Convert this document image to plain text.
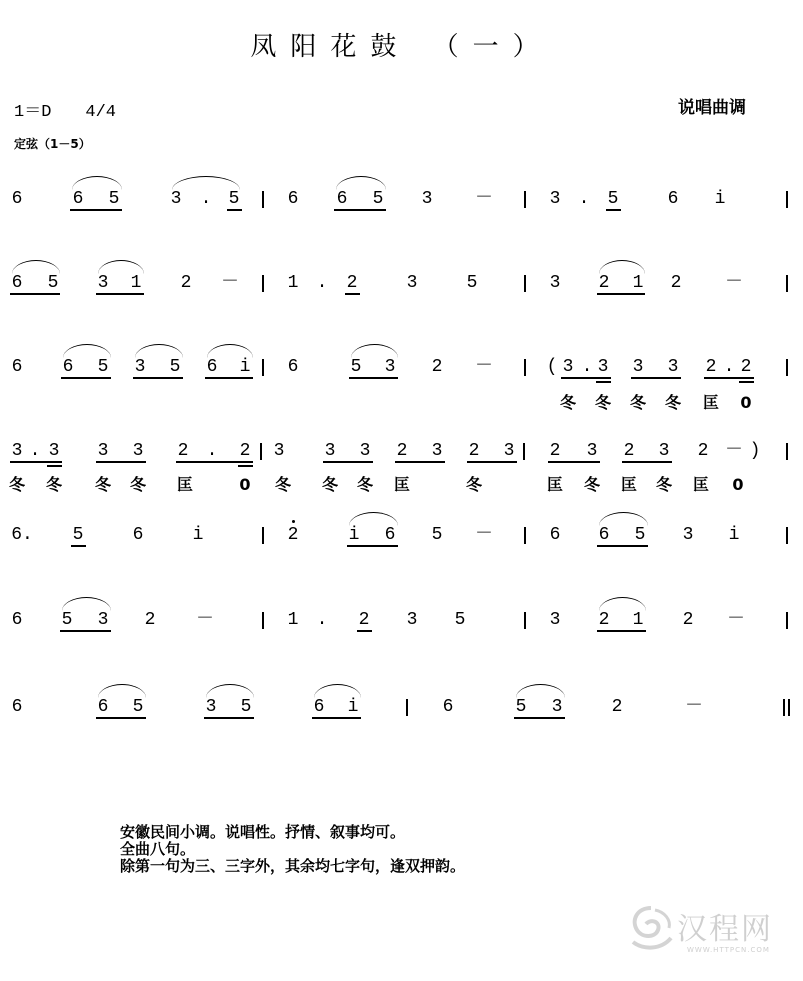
凤阳花鼓 （一）
1＝D　　4/4	说唱曲调
定弦（1－5）
6	6 5	3 . 5	6 6 5 3 －	3 . 5	6 i
6 5 3 1 2 －	1 . 2	3	5	3 2 1 2 －
6 6 5 3 5 6 i 6	5 3 2 －	( 3 . 3 3 3 2 . 2
冬 冬 冬 冬 匡 0
3 . 3 3 3 2 . 2 3 3 3 2 3 2 3 2 3 2 3 2 － )
冬 冬 冬 冬 匡	0 冬 冬 冬 匡	冬	匡 冬 匡 冬 匡 0
6. 5	6	i	2	i 6 5 －	6 6 5 3 i
6 5 3 2 －	1 . 2 3 5	3 2 1 2 －
6	6 5	3 5	6 i	6	5 3	2	－
安徽民间小调。说唱性。抒情、叙事均可。
全曲八句。
除第一句为三、三字外，其余均七字句，逢双押韵。
汉程网
WWW.HTTPCN.COM
